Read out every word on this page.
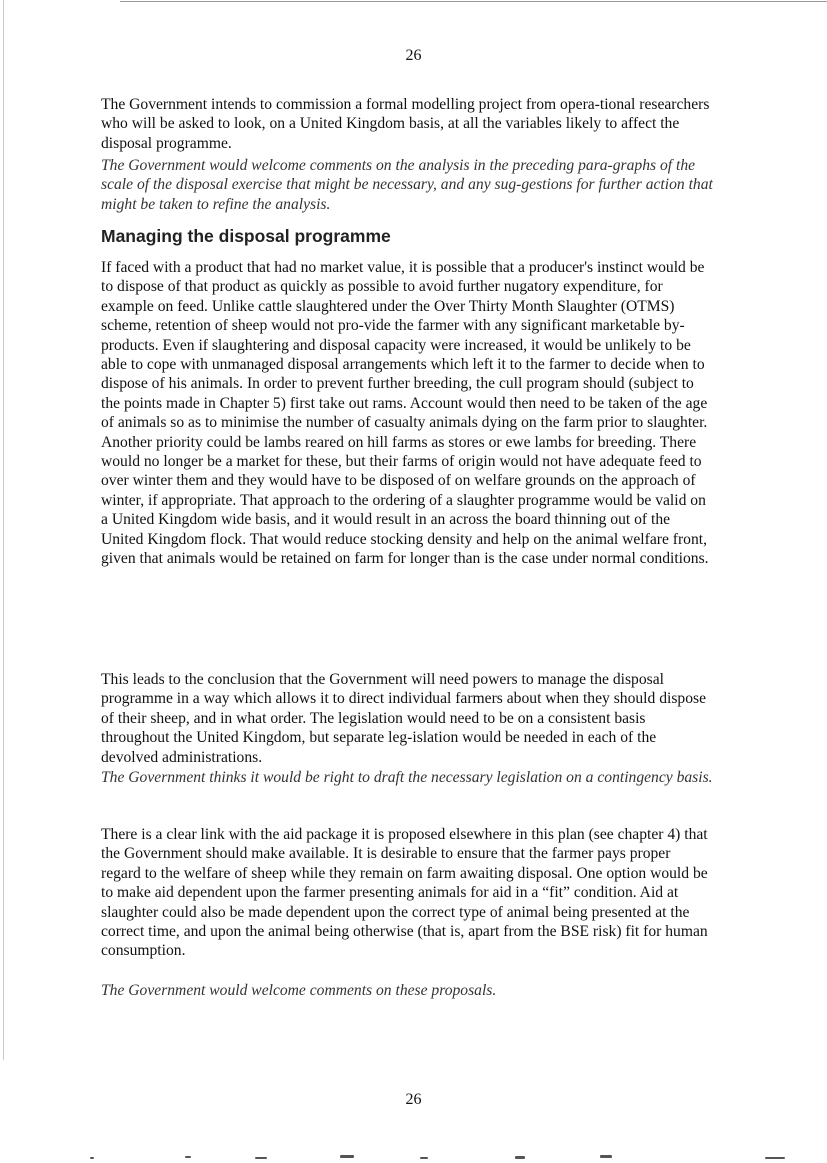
26

The Government intends to commission a formal modelling project from opera-tional researchers who will be asked to look, on a United Kingdom basis, at all the variables likely to affect the disposal programme.

The Government would welcome comments on the analysis in the preceding para-graphs of the scale of the disposal exercise that might be necessary, and any sug-gestions for further action that might be taken to refine the analysis.

Managing the disposal programme

If faced with a product that had no market value, it is possible that a producer's instinct would be to dispose of that product as quickly as possible to avoid further nugatory expenditure, for example on feed. Unlike cattle slaughtered under the Over Thirty Month Slaughter (OTMS) scheme, retention of sheep would not pro-vide the farmer with any significant marketable by-products. Even if slaughtering and disposal capacity were increased, it would be unlikely to be able to cope with unmanaged disposal arrangements which left it to the farmer to decide when to dispose of his animals. In order to prevent further breeding, the cull program should (subject to the points made in Chapter 5) first take out rams. Account would then need to be taken of the age of animals so as to minimise the number of casualty animals dying on the farm prior to slaughter. Another priority could be lambs reared on hill farms as stores or ewe lambs for breeding. There would no longer be a market for these, but their farms of origin would not have adequate feed to over winter them and they would have to be disposed of on welfare grounds on the approach of winter, if appropriate. That approach to the ordering of a slaughter programme would be valid on a United Kingdom wide basis, and it would result in an across the board thinning out of the United Kingdom flock. That would reduce stocking density and help on the animal welfare front, given that animals would be retained on farm for longer than is the case under normal conditions.

This leads to the conclusion that the Government will need powers to manage the disposal programme in a way which allows it to direct individual farmers about when they should dispose of their sheep, and in what order. The legislation would need to be on a consistent basis throughout the United Kingdom, but separate leg-islation would be needed in each of the devolved administrations.

The Government thinks it would be right to draft the necessary legislation on a contingency basis.

There is a clear link with the aid package it is proposed elsewhere in this plan (see chapter 4) that the Government should make available. It is desirable to ensure that the farmer pays proper regard to the welfare of sheep while they remain on farm awaiting disposal. One option would be to make aid dependent upon the farmer presenting animals for aid in a “fit” condition. Aid at slaughter could also be made dependent upon the correct type of animal being presented at the correct time, and upon the animal being otherwise (that is, apart from the BSE risk) fit for human consumption.

The Government would welcome comments on these proposals.

26
